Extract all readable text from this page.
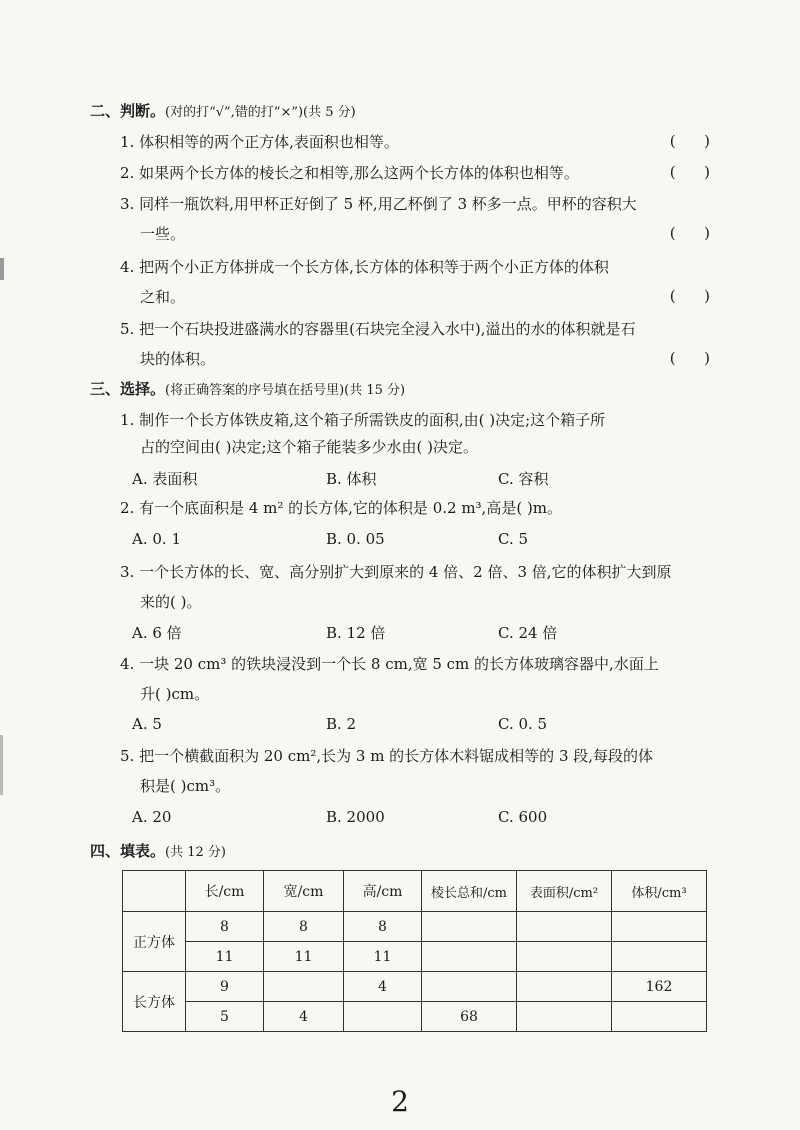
二、判断。(对的打“√”,错的打“×”)(共 5 分)
1. 体积相等的两个正方体,表面积也相等。	(      )
2. 如果两个长方体的棱长之和相等,那么这两个长方体的体积也相等。	(      )
3. 同样一瓶饮料,用甲杯正好倒了 5 杯,用乙杯倒了 3 杯多一点。甲杯的容积大
一些。	(      )
4. 把两个小正方体拼成一个长方体,长方体的体积等于两个小正方体的体积
之和。	(      )
5. 把一个石块投进盛满水的容器里(石块完全浸入水中),溢出的水的体积就是石
块的体积。	(      )
三、选择。(将正确答案的序号填在括号里)(共 15 分)
1. 制作一个长方体铁皮箱,这个箱子所需铁皮的面积,由( )决定;这个箱子所
占的空间由( )决定;这个箱子能装多少水由( )决定。
A. 表面积	B. 体积	C. 容积
2. 有一个底面积是 4 m² 的长方体,它的体积是 0.2 m³,高是( )m。
A. 0. 1	B. 0. 05	C. 5
3. 一个长方体的长、宽、高分别扩大到原来的 4 倍、2 倍、3 倍,它的体积扩大到原
来的( )。
A. 6 倍	B. 12 倍	C. 24 倍
4. 一块 20 cm³ 的铁块浸没到一个长 8 cm,宽 5 cm 的长方体玻璃容器中,水面上
升( )cm。
A. 5	B. 2	C. 0. 5
5. 把一个横截面积为 20 cm²,长为 3 m 的长方体木料锯成相等的 3 段,每段的体
积是( )cm³。
A. 20	B. 2000	C. 600
四、填表。(共 12 分)
	长/cm	宽/cm	高/cm	棱长总和/cm	表面积/cm²	体积/cm³
正方体	8	8	8			
	11	11	11			
长方体	9		4			162
	5	4		68		
2
